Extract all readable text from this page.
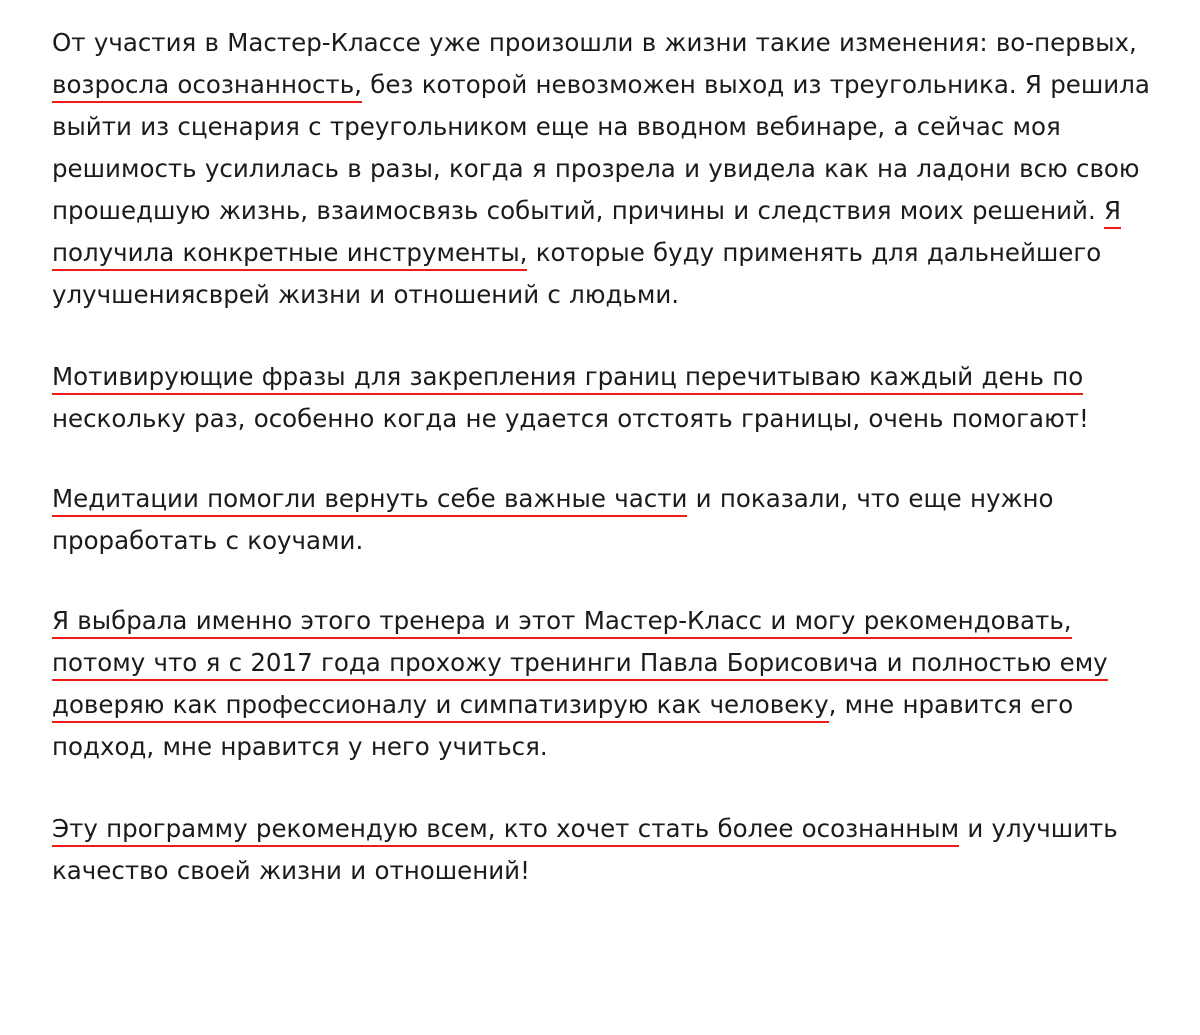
От участия в Мастер-Классе уже произошли в жизни такие изменения: во-первых, возросла осознанность, без которой невозможен выход из треугольника. Я решила выйти из сценария с треугольником еще на вводном вебинаре, а сейчас моя решимость усилилась в разы, когда я прозрела и увидела как на ладони всю свою прошедшую жизнь, взаимосвязь событий, причины и следствия моих решений. Я получила конкретные инструменты, которые буду применять для дальнейшего улучшениясврей жизни и отношений с людьми.

Мотивирующие фразы для закрепления границ перечитываю каждый день по нескольку раз, особенно когда не удается отстоять границы, очень помогают!

Медитации помогли вернуть себе важные части и показали, что еще нужно проработать с коучами.

Я выбрала именно этого тренера и этот Мастер-Класс и могу рекомендовать, потому что я с 2017 года прохожу тренинги Павла Борисовича и полностью ему доверяю как профессионалу и симпатизирую как человеку, мне нравится его подход, мне нравится у него учиться.

Эту программу рекомендую всем, кто хочет стать более осознанным и улучшить качество своей жизни и отношений!
